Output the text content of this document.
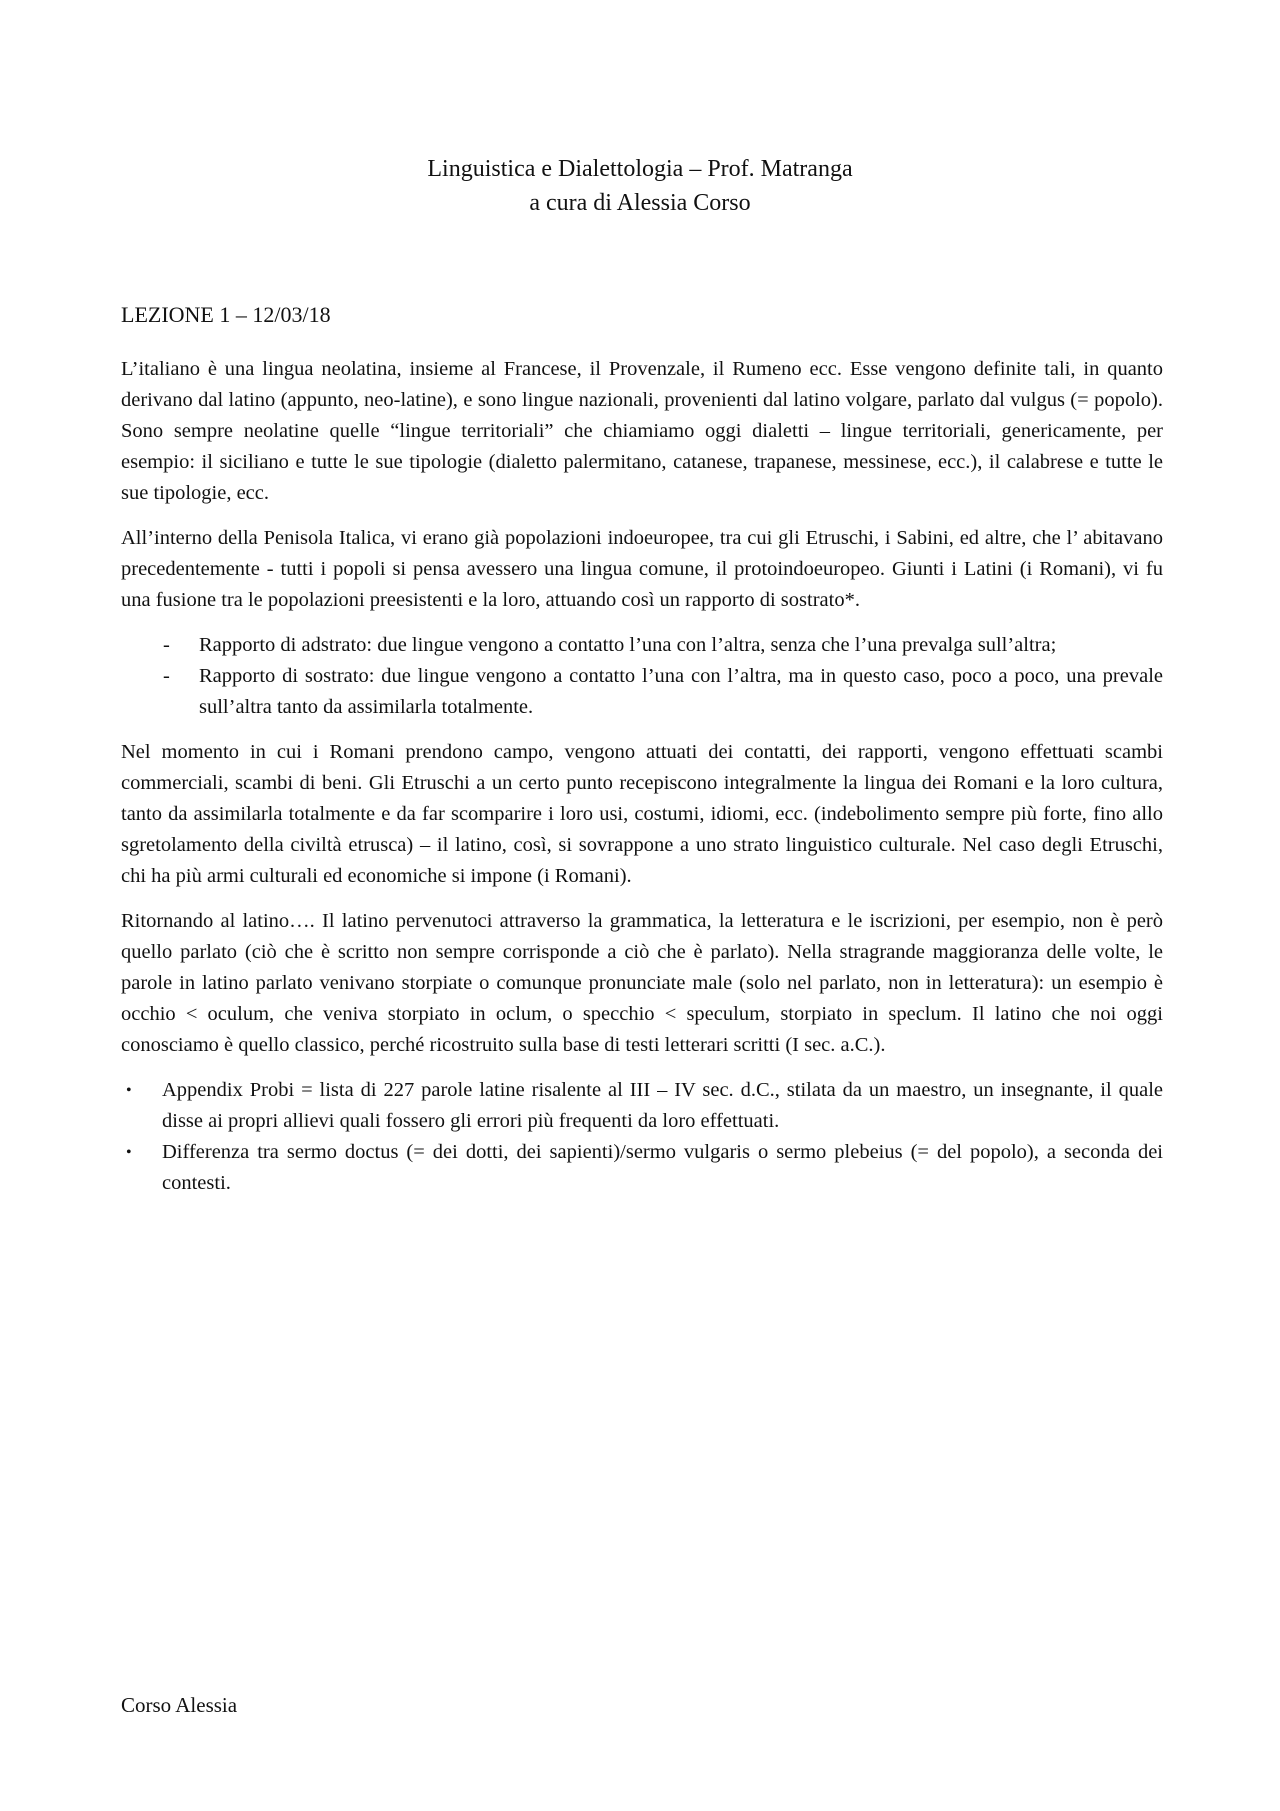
Linguistica e Dialettologia – Prof. Matranga
a cura di Alessia Corso
LEZIONE 1 – 12/03/18

L’italiano è una lingua neolatina, insieme al Francese, il Provenzale, il Rumeno ecc. Esse vengono definite tali, in quanto derivano dal latino (appunto, neo-latine), e sono lingue nazionali, provenienti dal latino volgare, parlato dal vulgus (= popolo). Sono sempre neolatine quelle “lingue territoriali” che chiamiamo oggi dialetti – lingue territoriali, genericamente, per esempio: il siciliano e tutte le sue tipologie (dialetto palermitano, catanese, trapanese, messinese, ecc.), il calabrese e tutte le sue tipologie, ecc.

All’interno della Penisola Italica, vi erano già popolazioni indoeuropee, tra cui gli Etruschi, i Sabini, ed altre, che l’ abitavano precedentemente - tutti i popoli si pensa avessero una lingua comune, il protoindoeuropeo. Giunti i Latini (i Romani), vi fu una fusione tra le popolazioni preesistenti e la loro, attuando così un rapporto di sostrato*.

- Rapporto di adstrato: due lingue vengono a contatto l’una con l’altra, senza che l’una prevalga sull’altra;
- Rapporto di sostrato: due lingue vengono a contatto l’una con l’altra, ma in questo caso, poco a poco, una prevale sull’altra tanto da assimilarla totalmente.

Nel momento in cui i Romani prendono campo, vengono attuati dei contatti, dei rapporti, vengono effettuati scambi commerciali, scambi di beni. Gli Etruschi a un certo punto recepiscono integralmente la lingua dei Romani e la loro cultura, tanto da assimilarla totalmente e da far scomparire i loro usi, costumi, idiomi, ecc. (indebolimento sempre più forte, fino allo sgretolamento della civiltà etrusca) – il latino, così, si sovrappone a uno strato linguistico culturale. Nel caso degli Etruschi, chi ha più armi culturali ed economiche si impone (i Romani).

Ritornando al latino…. Il latino pervenutoci attraverso la grammatica, la letteratura e le iscrizioni, per esempio, non è però quello parlato (ciò che è scritto non sempre corrisponde a ciò che è parlato). Nella stragrande maggioranza delle volte, le parole in latino parlato venivano storpiate o comunque pronunciate male (solo nel parlato, non in letteratura): un esempio è occhio < oculum, che veniva storpiato in oclum, o specchio < speculum, storpiato in speclum. Il latino che noi oggi conosciamo è quello classico, perché ricostruito sulla base di testi letterari scritti (I sec. a.C.).

• Appendix Probi = lista di 227 parole latine risalente al III – IV sec. d.C., stilata da un maestro, un insegnante, il quale disse ai propri allievi quali fossero gli errori più frequenti da loro effettuati.
• Differenza tra sermo doctus (= dei dotti, dei sapienti)/sermo vulgaris o sermo plebeius (= del popolo), a seconda dei contesti.
Corso Alessia
